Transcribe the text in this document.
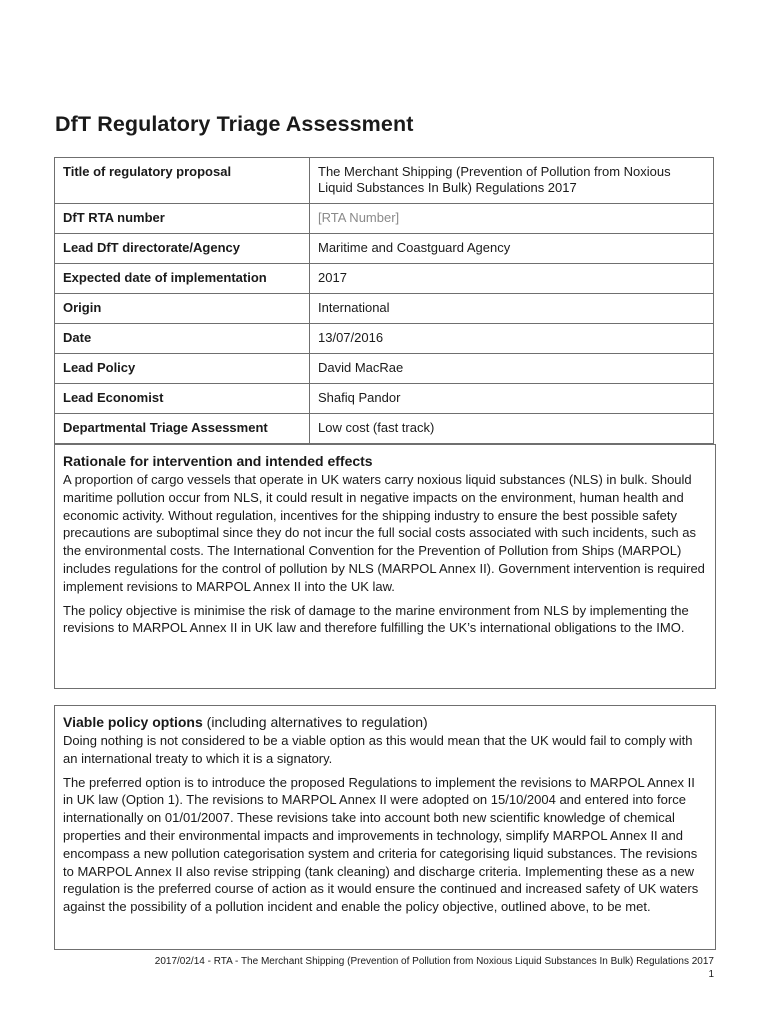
DfT Regulatory Triage Assessment
Title of regulatory proposal	The Merchant Shipping (Prevention of Pollution from Noxious Liquid Substances In Bulk) Regulations 2017
DfT RTA number	[RTA Number]
Lead DfT directorate/Agency	Maritime and Coastguard Agency
Expected date of implementation	2017
Origin	International
Date	13/07/2016
Lead Policy	David MacRae
Lead Economist	Shafiq Pandor
Departmental Triage Assessment	Low cost (fast track)
Rationale for intervention and intended effects

A proportion of cargo vessels that operate in UK waters carry noxious liquid substances (NLS) in bulk. Should maritime pollution occur from NLS, it could result in negative impacts on the environment, human health and economic activity. Without regulation, incentives for the shipping industry to ensure the best possible safety precautions are suboptimal since they do not incur the full social costs associated with such incidents, such as the environmental costs. The International Convention for the Prevention of Pollution from Ships (MARPOL) includes regulations for the control of pollution by NLS (MARPOL Annex II). Government intervention is required implement revisions to MARPOL Annex II into the UK law.

The policy objective is minimise the risk of damage to the marine environment from NLS by implementing the revisions to MARPOL Annex II in UK law and therefore fulfilling the UK’s international obligations to the IMO.

Viable policy options (including alternatives to regulation)

Doing nothing is not considered to be a viable option as this would mean that the UK would fail to comply with an international treaty to which it is a signatory.

The preferred option is to introduce the proposed Regulations to implement the revisions to MARPOL Annex II in UK law (Option 1). The revisions to MARPOL Annex II were adopted on 15/10/2004 and entered into force internationally on 01/01/2007. These revisions take into account both new scientific knowledge of chemical properties and their environmental impacts and improvements in technology, simplify MARPOL Annex II and encompass a new pollution categorisation system and criteria for categorising liquid substances. The revisions to MARPOL Annex II also revise stripping (tank cleaning) and discharge criteria. Implementing these as a new regulation is the preferred course of action as it would ensure the continued and increased safety of UK waters against the possibility of a pollution incident and enable the policy objective, outlined above, to be met.

2017/02/14 - RTA - The Merchant Shipping (Prevention of Pollution from Noxious Liquid Substances In Bulk) Regulations 2017
1
